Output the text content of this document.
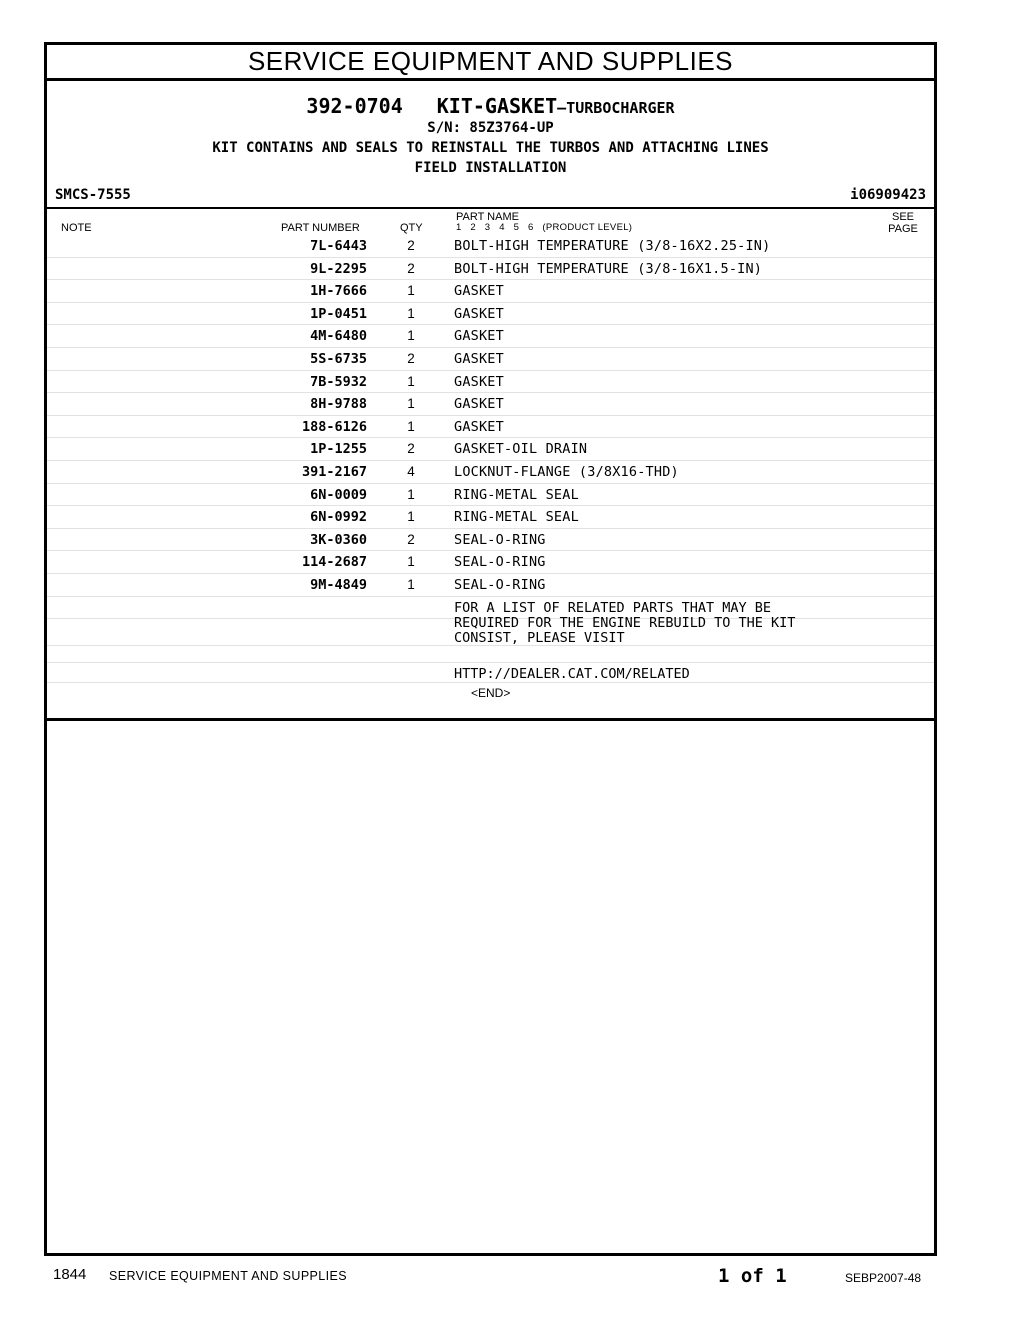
SERVICE EQUIPMENT AND SUPPLIES
392-0704 KIT-GASKET—TURBOCHARGER
S/N: 85Z3764-UP
KIT CONTAINS AND SEALS TO REINSTALL THE TURBOS AND ATTACHING LINES
FIELD INSTALLATION
SMCS-7555	i06909423
NOTE	PART NUMBER	QTY
PART NAME
1   2   3   4   5   6   (PRODUCT LEVEL)
SEE
PAGE
7L-6443	2	BOLT-HIGH TEMPERATURE (3/8-16X2.25-IN)
9L-2295	2	BOLT-HIGH TEMPERATURE (3/8-16X1.5-IN)
1H-7666	1	GASKET
1P-0451	1	GASKET
4M-6480	1	GASKET
5S-6735	2	GASKET
7B-5932	1	GASKET
8H-9788	1	GASKET
188-6126	1	GASKET
1P-1255	2	GASKET-OIL DRAIN
391-2167	4	LOCKNUT-FLANGE (3/8X16-THD)
6N-0009	1	RING-METAL SEAL
6N-0992	1	RING-METAL SEAL
3K-0360	2	SEAL-O-RING
114-2687	1	SEAL-O-RING
9M-4849	1	SEAL-O-RING
FOR A LIST OF RELATED PARTS THAT MAY BE
REQUIRED FOR THE ENGINE REBUILD TO THE KIT
CONSIST, PLEASE VISIT
HTTP://DEALER.CAT.COM/RELATED
<END>
1844 SERVICE EQUIPMENT AND SUPPLIES	1 of 1	SEBP2007-48
